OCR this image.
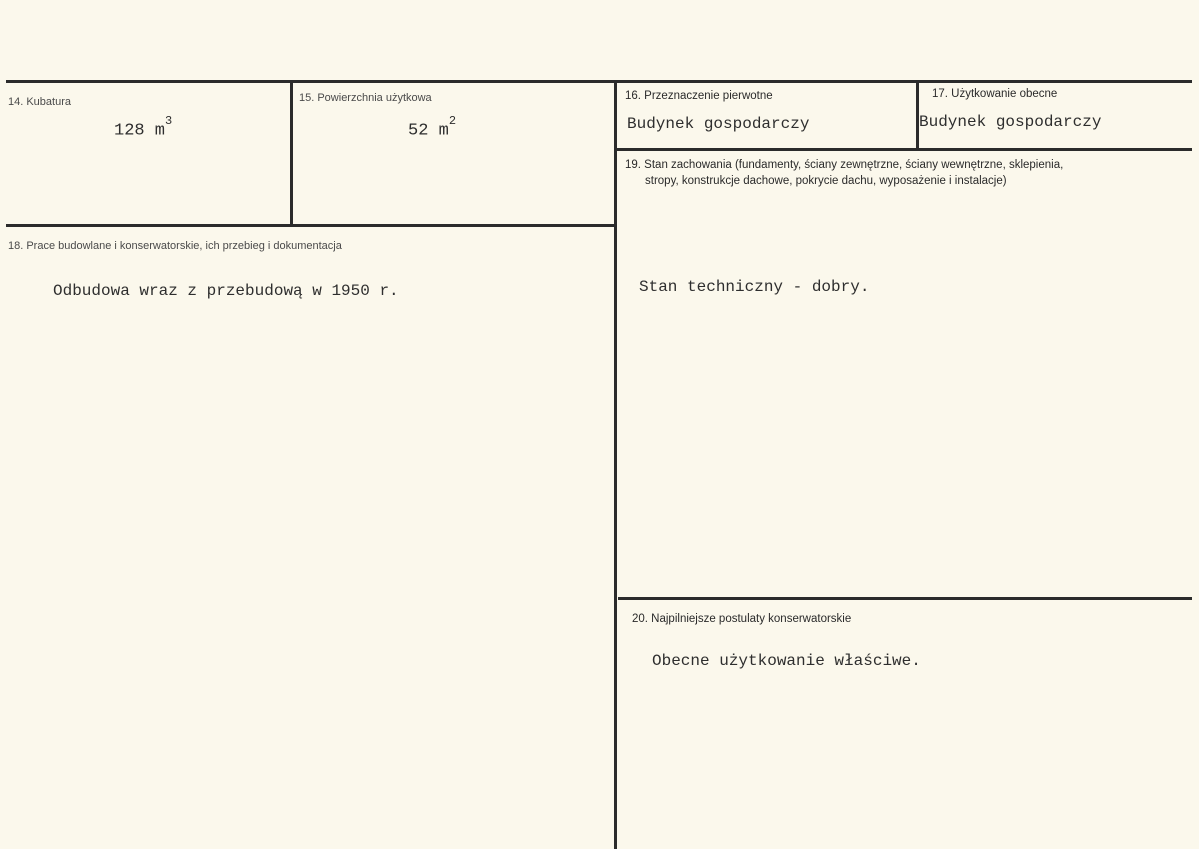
14. Kubatura
128 $m^3$
15. Powierzchnia użytkowa
52 $m^2$
16. Przeznaczenie pierwotne
Budynek gospodarczy
17. Użytkowanie obecne
Budynek gospodarczy
18. Prace budowlane i konserwatorskie, ich przebieg i dokumentacja
Odbudowa wraz z przebudową w 1950 r.
19. Stan zachowania (fundamenty, ściany zewnętrzne, ściany wewnętrzne, sklepienia,
stropy, konstrukcje dachowe, pokrycie dachu, wyposażenie i instalacje)
Stan techniczny - dobry.
20. Najpilniejsze postulaty konserwatorskie
Obecne użytkowanie właściwe.
